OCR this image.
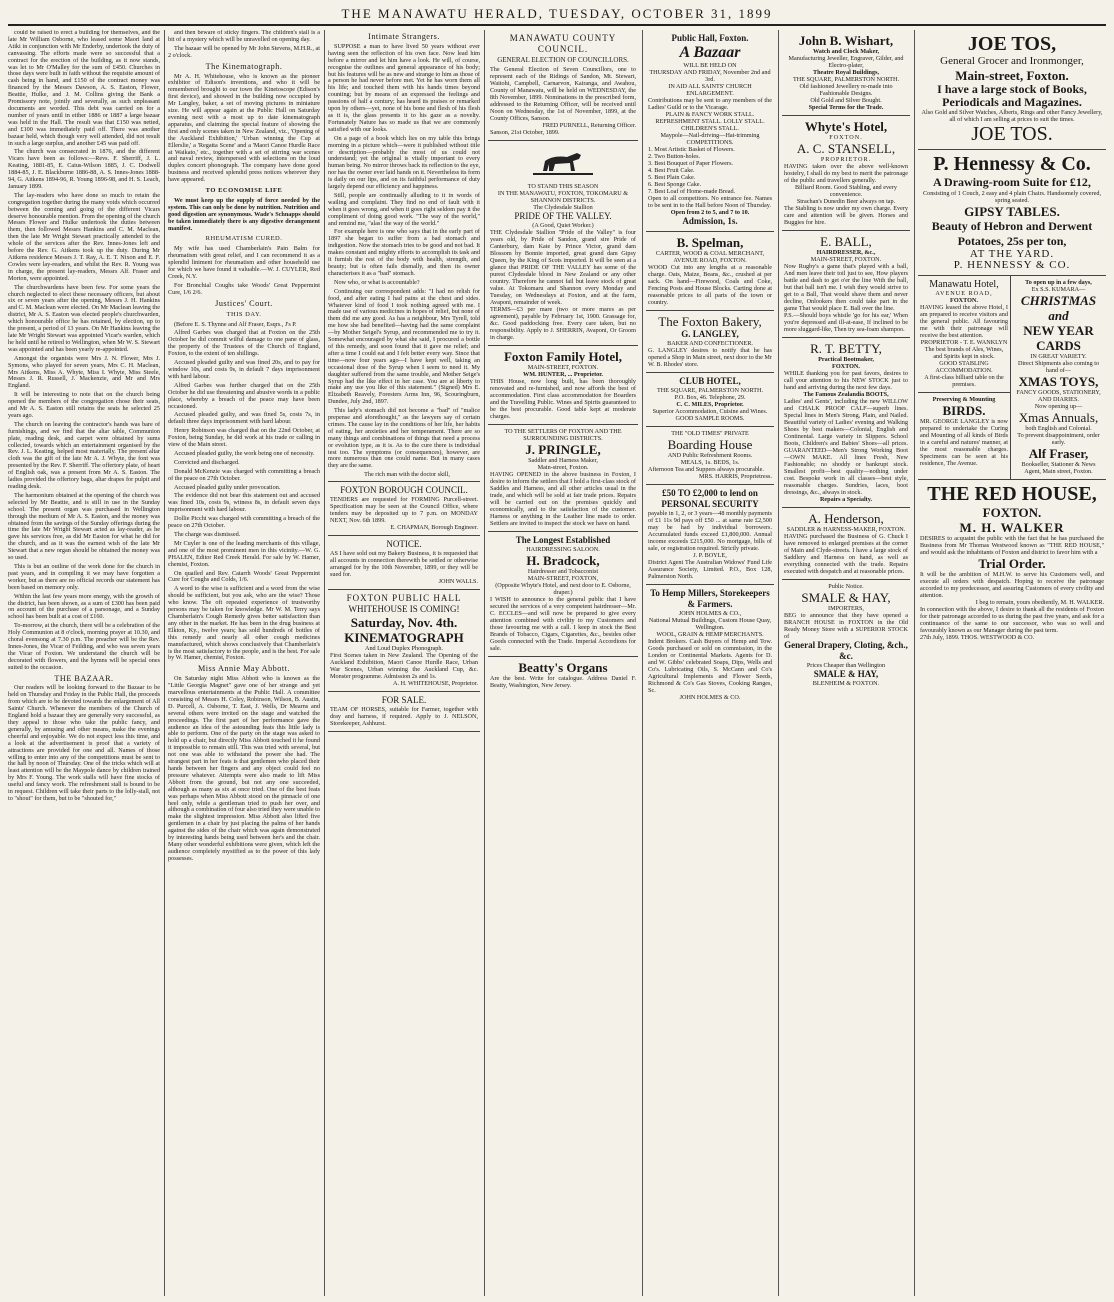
THE MANAWATU HERALD, TUESDAY, OCTOBER 31, 1899

could be raised to erect a building for themselves, and the late Mr William Osborne, who leased some Maori land at Atiki in conjunction with Mr Enderby, undertook the duty of canvassing. The efforts made were so successful that a contract for the erection of the building, as it now stands, was let to Mr O'Malley for the sum of £450. Churches in those days were built in faith without the requisite amount of cash being in hand, and £150 of the contract money was financed by the Messrs Dawson, A. S. Easton, Flower, Beattie, Hulke, and J. M. Collins giving the Bank a Promissory note, jointly and severally, as such unpleasant documents are worded. This debt was carried on for a number of years until in either 1886 or 1887 a large bazaar was held in the Hall. The result was that £150 was netted, and £100 was immediately paid off. There was another bazaar held, which though very well attended, did not result in such a large surplus, and another £45 was paid off.

The church was consecrated in 1876, and the different Vicars have been as follows:—Revs. F. Sherriff, J. L. Keating, 1881-85, E. Caius-Wilson 1885, J. C. Dodwell 1884-85, J. E. Blackburne 1886-88, A. S. Innes-Jones 1888-94, G. Aitkens 1894-96, R. Young 1896-98, and H. S. Leach, January 1899.

The lay-readers who have done so much to retain the congregation together during the many voids which occurred between the coming and going of the different Vicars deserve honourable mention. From the opening of the church Messrs Flower and Hulke undertook the duties between them, then followed Messrs Hankins and C. M. Maclean, then the late Mr Wright Stewart practically attended to the whole of the services after the Rev. Innes-Jones left and before the Rev. G. Aitkens took up the duty. During Mr Aitkens residence Messrs J. T. Ray, A. E. T. Nixon and E. F. Cowles were lay-readers, and whilst the Rev. R. Young was in charge, the present lay-readers, Messrs Alf. Fraser and Morton, were appointed.

The churchwardens have been few. For some years the church neglected to elect these necessary officers, but about six or seven years after the opening, Messrs J. H. Hankins and C. M. Maclean were elected. On Mr Maclean leaving the district, Mr A. S. Easton was elected people's churchwarden, which honourable office he has retained, by election, up to the present, a period of 13 years. On Mr Hankins leaving the late Mr Wright Stewart was appointed Vicar's warden, which he held until he retired to Wellington, when Mr W. S. Stewart was appointed and has been yearly re-appointed.

Amongst the organists were Mrs J. N. Flower, Mrs J. Symons, who played for seven years, Mrs C. H. Maclean, Mrs Aitkens, Miss A. Whyte, Miss I. Whyte, Miss Steele, Messrs J. R. Russell, J. Mackenzie, and Mr and Mrs England.

It will be interesting to note that on the church being opened the members of the congregation chose their seats, and Mr A. S. Easton still retains the seats he selected 25 years ago.

The church on leaving the contractor's hands was bare of furnishings, and we find that the altar table, Communion plate, reading desk, and carpet were obtained by sums collected, towards which an entertainment organised by the Rev. J. L. Keating, helped most materially. The present altar cloth was the gift of the late Mr A. J. Whyte, the font was presented by the Rev. F. Sherriff. The offertory plate, of heart of English oak, was a present from Mr A. S. Easton. The ladies provided the offertory bags, altar drapes for pulpit and reading desk.

The harmonium obtained at the opening of the church was selected by Mr Beattie, and is still in use in the Sunday school. The present organ was purchased in Wellington through the medium of Mr A. S. Easton, and the money was obtained from the savings of the Sunday offerings during the time the late Mr Wright Stewart acted as lay-reader, as he gave his services free, as did Mr Easton for what he did for the church, and as it was the earnest wish of the late Mr Stewart that a new organ should be obtained the money was so used.

This is but an outline of the work done for the church in past years, and in compiling it we may have forgotten a worker, but as there are no official records our statement has been based on memory only.

Within the last few years more energy, with the growth of the district, has been shown, as a sum of £300 has been paid on account of the purchase of a parsonage, and a Sunday school has been built at a cost of £160.

To-morrow, at the church, there will be a celebration of the Holy Communion at 8 o'clock, morning prayer at 10.30, and choral evensong at 7.30 p.m. The preacher will be the Rev. Innes-Jones, the Vicar of Feilding, and who was seven years the Vicar of Foxton. We understand the church will be decorated with flowers, and the hymns will be special ones suited to the occasion.

THE BAZAAR.

Our readers will be looking forward to the Bazaar to be held on Thursday and Friday in the Public Hall, the proceeds from which are to be devoted towards the enlargement of All Saints' Church. Whenever the members of the Church of England hold a bazaar they are generally very successful, as they appeal to those who take the public fancy, and generally, by amusing and other means, make the evenings cheerful and enjoyable. We do not expect less this time, and a look at the advertisement is proof that a variety of attractions are provided for one and all. Names of those willing to enter into any of the competitions must be sent to the hall by noon of Thursday. One of the tricks which will at least attention will be the Maypole dance by children trained by Mrs F. Young. The work stalls will have fine stocks of useful and fancy work. The refreshment stall is bound to be in request. Children will take their parts to the lolly-stall, not to "shout" for them, but to be "shouted for,"

and then beware of sticky fingers. The children's stall is a bit of a mystery which will be unravelled on opening day.

The bazaar will be opened by Mr John Stevens, M.H.R., at 2 o'clock.

The Kinematograph.

Mr A. H. Whitehouse, who is known as the pioneer exhibitor of Edison's inventions, and who it will be remembered brought to our town the Kinetoscope (Edison's first device), and showed in the building now occupied by Mr Langley, baker, a set of moving pictures in miniature size. He will appear again at the Public Hall on Saturday evening next with a most up to date kinematograph apparatus, and claiming the special feature of showing the first and only scenes taken in New Zealand, viz., 'Opening of the Auckland Exhibition,' 'Urban winning the Cup at Ellerslie,' a 'Regatta Scene' and a 'Maori Canoe Hurdle Race at Waikato,' etc., together with a set of stirring war scenes and naval review, interspersed with selections on the loud duplex concert phonograph. The company have done good business and received splendid press notices wherever they have appeared.

TO ECONOMISE LIFE

We must keep up the supply of force needed by the system. This can only be done by nutrition. Nutrition and good digestion are synonymous. Wade's Schnapps should be taken immediately there is any digestive derangement manifest.

RHEUMATISM CURED.

My wife has used Chamberlain's Pain Balm for rheumatism with great relief, and I can recommend it as a splendid liniment for rheumatism and other household use for which we have found it valuable.—W. J. CUYLER, Red Creek, N.Y.

For Bronchial Coughs take Woods' Great Peppermint Cure, 1/6 2/6.

Justices' Court.
THIS DAY.

(Before E. S. Thynne and Alf Fraser, Esqrs., J's P.

Alfred Garbes was charged that at Foxton on the 25th October he did commit wilful damage to one pane of glass, the property of the Trustees of the Church of England, Foxton, to the extent of ten shillings.

Accused pleaded guilty and was fined 20s, and to pay for window 10s, and costs 9s, in default 7 days imprisonment with hard labour.

Alfred Garbes was further charged that on the 25th October he did use threatening and abusive words in a public place, whereby a breach of the peace may have been occasioned.

Accused pleaded guilty, and was fined 5s, costs 7s, in default three days imprisonment with hard labour.

Henry Robinson was charged that on the 22nd October, at Foxton, being Sunday, he did work at his trade or calling in view of the Main street.

Accused pleaded guilty, the work being one of necessity.

Convicted and discharged.

Donald McKenzie was charged with committing a breach of the peace on 27th October.

Accused pleaded guilty under provocation.

The evidence did not bear this statement out and accused was fined 10s, costs 9s, witness 8s, in default seven days imprisonment with hard labour.

Dollie Picchi was charged with committing a breach of the peace on 27th October.

The charge was dismissed.

Mr Cuyler is one of the leading merchants of this village, and one of the most prominent men in this vicinity.—W. G. PHALEN, Editor Red Creek Herald. For sale by W. Hamer, chemist, Foxton.

On quailed and Rev. Catarrh Woods' Great Peppermint Cure for Coughs and Colds, 1/6.

A word to the wise is sufficient and a word from the wise should be sufficient, but you ask, who are the wise? Those who know. The oft repeated experience of trustworthy persons may be taken for knowledge. Mr W. M. Terry says Chamberlain's Cough Remedy gives better satisfaction than any other in the market. He has been in the drug business at Elkton, Ky., twelve years; has sold hundreds of bottles of this remedy and nearly all other cough medicines manufactured, which shows conclusively that Chamberlain's is the most satisfactory to the people, and is the best. For sale by W. Hamer, chemist, Foxton.

Miss Annie May Abbott.

On Saturday night Miss Abbott who is known as the "Little Georgia Magnet" gave one of her strange and yet marvellous entertainments at the Public Hall. A committee consisting of Messrs H. Coley, Robinson, Wilson, B. Austin, D. Purcell, A. Osborne, T. East, J. Wells, Dr Mearns and several others were invited on the stage and watched the proceedings. The first part of her performance gave the audience an idea of the astounding feats this little lady is able to perform. One of the party on the stage was asked to hold up a chair, but directly Miss Abbott touched it he found it impossible to remain still. This was tried with several, but not one was able to withstand the power she had. The strangest part in her feats is that gentlemen who placed their hands between her fingers and any object could feel no pressure whatever. Attempts were also made to lift Miss Abbott from the ground, but not any one succeeded, although as many as six at once tried. One of the best feats was perhaps when Miss Abbott stood on the pinnacle of one heel only, while a gentleman tried to push her over, and although a combination of four also tried they were unable to make the slightest impression. Miss Abbott also lifted five gentlemen in a chair by just placing the palms of her hands against the sides of the chair which was again demonstrated by interesting hands being used between her's and the chair. Many other wonderful exhibitions were given, which left the audience completely mystified as to the power of this lady possesses.

Intimate Strangers.

SUPPOSE a man to have lived 50 years without ever having seen the reflection of his own face. Now lead him before a mirror and let him have a look. He will, of course, recognise the outlines and general appearance of his body; but his features will be as new and strange to him as those of a person he had never before met. Yet he has worn them all his life; and touched them with his hands times beyond counting; but by means of an expressed the feelings and passions of half a century; has heard its praises or remarked upon by others—yet, none of his bone and flesh of his flesh as it is, the glass presents it to his gaze as a novelty. Fortunately Nature has so made us that we are commonly satisfied with our looks.

On a page of a book which lies on my table this brings morning in a picture which—were it published without title or description—probably the most of us could not understand; yet the original is vitally important to every human being. No mirror throws back its reflection to the eye, nor has the owner ever laid hands on it. Nevertheless its form is daily on our lips, and on its faithful performance of duty largely depend our efficiency and happiness.

Still, people are continually alluding to it in words of wailing and complaint. They find no end of fault with it when it goes wrong, and when it goes right seldom pay it the compliment of doing good work. "The way of the world," and remind me, "alas! the way of the world."

For example here is one who says that in the early part of 1897 she began to suffer from a bad stomach and indigestion. Now the stomach tries to be good and not bad. It makes constant and mighty efforts to accomplish its task and it furnish the rest of the body with health, strength, and beauty; but is often fails dismally, and then its owner characterises it as a "bad" stomach.

Now who, or what is accountable?

Continuing our correspondent adds: "I had no relish for food, and after eating I had pains at the chest and sides. Whatever kind of food I took nothing agreed with me. I made use of various medicines in hopes of relief, but none of them did me any good. As has a neighbour, Mrs Tyrell, told me how she had benefited—having had the same complaint—by Mother Seigel's Syrup, and recommended me to try it. Somewhat encouraged by what she said, I procured a bottle of this remedy, and soon found that it gave me relief; and after a time I could eat and I felt better every way. Since that time—now four years ago—I have kept well, taking an occasional dose of the Syrup when I seem to need it. My daughter suffered from the same trouble, and Mother Seige's Syrup had the like effect in her case. You are at liberty to make any use you like of this statement." (Signed) Mrs E. Elizabeth Reavely, Foresters Arms Inn, 96, Scouringburn, Dundee, July 2nd, 1897.

This lady's stomach did not become a "bad" of "malice prepense and aforethought," as the lawyers say of certain crimes. The cause lay in the conditions of her life, her habits of eating, her anxieties and her temperament. There are so many things and combinations of things that need a process or evolution type, as it is. As to the cure there is individual test too. The symptoms (or consequences), however, are more numerous than one could name. But in many cases they are the same.

The rich man with the doctor skill,

FOXTON BOROUGH COUNCIL.
TENDERS are requested for FORMING Purcell-street. Specification may be seen at the Council Office, where tenders may be deposited up to 7 p.m. on MONDAY NEXT, Nov. 6th 1899.
E. CHAPMAN, Borough Engineer.
NOTICE.
AS I have sold out my Bakery Business, it is requested that all accounts in connection therewith be settled or otherwise arranged for by the 10th November, 1899, or they will be sued for.
JOHN WALLS.
FOXTON PUBLIC HALL
WHITEHOUSE IS COMING!
Saturday, Nov. 4th.
KINEMATOGRAPH
And Loud Duplex Phonograph.
First Scenes taken in New Zealand. The Opening of the Auckland Exhibition, Maori Canoe Hurdle Race, Urban War Scenes, Urban winning the Auckland Cup, &c. Monster programme. Admission 2s and 1s.
A. H. WHITEHOUSE, Proprietor.
FOR SALE.
TEAM OF HORSES, suitable for Farmer, together with dray and harness, if required. Apply to J. NELSON, Storekeeper, Ashhurst.
MANAWATU COUNTY COUNCIL.
GENERAL ELECTION OF COUNCILLORS.
The General Election of Seven Councillors, one to represent each of the Ridings of Sandon, Mt. Stewart, Waitohi, Campbell, Carnarvon, Kairanga, and Awahou, County of Manawatu, will be held on WEDNESDAY, the 8th November, 1899. Nominations in the prescribed form, addressed to the Returning Officer, will be received until Noon on Wednesday, the 1st of November, 1899, at the County Offices, Sanson.
FRED PURNELL, Returning Officer.
Sanson, 21st October, 1899.
TO STAND THIS SEASON
IN THE MANAWATU, FOXTON, TOKOMARU & SHANNON DISTRICTS.
The Clydesdale Stallion
PRIDE OF THE VALLEY.
(A Good, Quiet Worker.)
THE Clydesdale Stallion "Pride of the Valley" is four years old, by Pride of Sandon, grand sire Pride of Canterbury, dam Kate by Prince Victor, grand dam Blossom by Bonnie imported, great grand dam Gipsy Queen, by the King of Scots imported. It will be seen at a glance that PRIDE OF THE VALLEY has some of the purest Clydesdale blood in New Zealand or any other country. Therefore he cannot fail but leave stock of great value. At Tokomaru and Shannon every Monday and Tuesday, on Wednesdays at Foxton, and at the farm, Avaponi, remainder of week.
TERMS—£3 per mare (two or more mares as per agreement), payable by February 1st, 1900. Grassage for, &c. Good paddocking free. Every care taken, but no responsibility. Apply to J. SHERRIN, Avaponi, Or Groom in charge.
Foxton Family Hotel,
MAIN-STREET, FOXTON.
WM. HUNTER, ... Proprietor.
THIS House, now long built, has been thoroughly renovated and re-furnished, and now affords the best of accommodation. First class accommodation for Boarders and the Travelling Public. Wines and Spirits guaranteed to be the best procurable. Good table kept at moderate charges.
TO THE SETTLERS OF FOXTON AND THE SURROUNDING DISTRICTS.
J. PRINGLE,
Saddler and Harness Maker,
Main-street, Foxton.
HAVING OPENED in the above business in Foxton, I desire to inform the settlers that I hold a first-class stock of Saddles and Harness, and all other articles usual in the trade, and which will be sold at fair trade prices. Repairs will be carried out on the premises quickly and economically, and to the satisfaction of the customer. Harness or anything in the Leather line made to order. Settlers are invited to inspect the stock we have on hand.
The Longest Established
HAIRDRESSING SALOON.
H. Bradcock,
Hairdresser and Tobacconist
MAIN-STREET, FOXTON,
(Opposite Whyte's Hotel, and next door to E. Osborne, draper.)
I WISH to announce to the general public that I have secured the services of a very competent hairdresser—Mr. C. ECCLES—and will now be prepared to give every attention combined with civility to my Customers and those favouring me with a call. I keep in stock the Best Brands of Tobacco, Cigars, Cigarettes, &c., besides other Goods connected with the Trade. Imperial Accordions for sale.
Beatty's Organs
Are the best. Write for catalogue. Address Daniel F. Beatty, Washington, New Jersey.
Public Hall, Foxton.
A Bazaar
WILL BE HELD ON
THURSDAY AND FRIDAY, November 2nd and 3rd.
IN AID ALL SAINTS' CHURCH ENLARGEMENT.
Contributions may be sent to any members of the Ladies' Guild or to the Vicarage.
PLAIN & FANCY WORK STALL. REFRESHMENT STALL. LOLLY STALL. CHILDREN'S STALL.
Maypole—Nail-driving—Hat-trimming
COMPETITIONS.
1. Most Artistic Basket of Flowers.
2. Two Button-holes.
3. Best Bouquet of Paper Flowers.
4. Best Fruit Cake.
5. Best Plain Cake.
6. Best Sponge Cake.
7. Best Loaf of Home-made Bread.
Open to all competitors. No entrance fee. Names to be sent in to the Hall before Noon of Thursday.
Open from 2 to 5, and 7 to 10.
Admission, 1s.
B. Spelman,
CARTER, WOOD & COAL MERCHANT,
AVENUE ROAD, FOXTON.
WOOD Cut into any lengths at a reasonable charge. Oats, Maize, Beans, &c., crushed at per sack. On hand—Firewood, Coals and Coke, Fencing Posts and House Blocks. Carting done at reasonable prices to all parts of the town or country.
The Foxton Bakery,
G. LANGLEY,
BAKER AND CONFECTIONER.
G. LANGLEY desires to notify that he has opened a Shop in Main street, next door to the Mr W. B. Rhodes' store.
CLUB HOTEL,
THE SQUARE, PALMERSTON NORTH.
P.O. Box, 46. Telephone, 29.
C. C. MILES, Proprietor.
Superior Accommodation, Cuisine and Wines.
GOOD SAMPLE ROOMS.
THE "OLD TIMES" PRIVATE
Boarding House
AND Public Refreshment Rooms.
MEALS, 1s. BEDS, 1s.
Afternoon Tea and Suppers always procurable.
MRS. HARRIS, Proprietress.
£50 TO £2,000 to lend on PERSONAL SECURITY
payable in 1, 2, or 3 years—48 monthly payments of £1 11s 9d pays off £50 ... at same rate £2,500 may be had by individual borrowers. Accumulated funds exceed £1,800,000. Annual income exceeds £215,000. No mortgage, bills of sale, or registration required. Strictly private.
J. P. BOYLE,
District Agent The Australian Widows' Fund Life Assurance Society, Limited. P.O., Box 128, Palmerston North.
To Hemp Millers, Storekeepers & Farmers.
JOHN HOLMES & CO.,
National Mutual Buildings, Custom House Quay, Wellington.
WOOL, GRAIN & HEMP MERCHANTS.
Indent Brokers. Cash Buyers of Hemp and Tow. Goods purchased or sold on commission, in the London or Continental Markets. Agents for D. and W. Gibbs' celebrated Soaps, Dips, Wells and Co's. Lubricating Oils, S. McCann and Co's Agricultural Implements and Flower Seeds, Richmond & Co's Gas Stoves, Cooking Ranges, Sc.
JOHN HOLMES & CO.
John B. Wishart,
Watch and Clock Maker,
Manufacturing Jeweller, Engraver, Gilder, and Electro-plater,
Theatre Royal Buildings,
THE SQUARE, PALMERSTON NORTH.
Old fashioned Jewellery re-made into Fashionable Designs.
Old Gold and Silver Bought.
Special Terms for the Trade.
Whyte's Hotel,
FOXTON.
A. C. STANSELL,
PROPRIETOR.
HAVING taken over the above well-known hostelry, I shall do my best to merit the patronage of the public and travellers generally.
Billiard Room. Good Stabling, and every convenience.
Strachan's Dunedin Beer always on tap.
The Stabling is now under my own charge. Every care and attention will be given. Horses and Buggies for hire.
E. BALL,
HAIRDRESSER, &c.,
MAIN-STREET, FOXTON.
Now Rugby's a game that's played with a ball, And men leave their toil just to see, How players battle and dash to get o'er the line With the ball, but that ball isn't me. I wish they would strive to get to a Ball, That would shave them and never decline, Onlookers then could take part in the game That would place E. Ball over the line.
P.S.—Should boys whistle 'go for his ear,' When you're depressed and ill-at-ease, If inclined to be more sluggard-like, Then try sea-foam shampoo.
R. T. BETTY,
Practical Bootmaker,
FOXTON.
WHILE thanking you for past favors, desires to call your attention to his NEW STOCK just to hand and arriving during the next few days.
The Famous Zealandia BOOTS,
Ladies' and Gents', including the new WILLOW and CHALK PROOF CALF—superb lines. Special lines in Men's Strong, Plain, and Nailed. Beautiful variety of Ladies' evening and Walking Shoes by best makers—Colonial, English and Continental. Large variety in Slippers. School Boots, Children's and Babies' Shoes—all prices. GUARANTEED—Men's Strong Working Boot—OWN MAKE. All lines Fresh, New Fashionable; no shoddy or bankrupt stock. Smallest profit—best quality—nothing under cost. Bespoke work in all classes—best style, reasonable charges. Sundries, laces, boot dressings, &c., always in stock.
Repairs a Specialty.
A. Henderson,
SADDLER & HARNESS-MAKER, FOXTON.
HAVING purchased the Business of G. Chuck I have removed to enlarged premises at the corner of Main and Clyde-streets. I have a large stock of Saddlery and Harness on hand, as well as everything connected with the trade. Repairs executed with despatch and at reasonable prices.
Public Notice.
SMALE & HAY,
IMPORTERS,
BEG to announce that they have opened a BRANCH HOUSE in FOXTON in the Old Ready Money Store with a SUPERIOR STOCK of
General Drapery, Cloting, &ch., &c.
Prices Cheaper than Wellington
SMALE & HAY,
BLENHEIM & FOXTON.
JOE TOS,
General Grocer and Ironmonger,
Main-street, Foxton.
I have a large stock of Books, Periodicals and Magazines.
Also Gold and Silver Watches, Alberts, Rings and other Fancy Jewellery, all of which I am selling at prices to suit the times.
JOE TOS.
P. Hennessy & Co.
A Drawing-room Suite for £12,
Consisting of 1 Couch, 2 easy and 4 plain Chairs. Handsomely covered, spring seated.
GIPSY TABLES.
Beauty of Hebron and Derwent Potatoes, 25s per ton,
AT THE YARD.
P. HENNESSY & CO.
Manawatu Hotel,
AVENUE ROAD,
FOXTON.
HAVING leased the above Hotel, I am prepared to receive visitors and the general public. All favouring me with their patronage will receive the best attention.
PROPRIETOR - T. E. WANKLYN
The best brands of Ales, Wines, and Spirits kept in stock.
GOOD STABLING ACCOMMODATION.
A first-class billiard table on the premises.
Preserving & Mounting
BIRDS.
MR. GEORGE LANGLEY is now prepared to undertake the Curing and Mounting of all kinds of Birds in a careful and natures' manner, at the most reasonable charges. Specimens can be seen at his residence, The Avenue.
To open up in a few days,
Ex S.S. KUMARA—
CHRISTMAS and
NEW YEAR CARDS
IN GREAT VARIETY.
Direct Shipments also coming to hand of—
XMAS TOYS,
FANCY GOODS, STATIONERY, AND DIARIES.
Now opening up—
Xmas Annuals,
both English and Colonial.
To prevent disappointment, order early.
Alf Fraser,
Bookseller, Stationer & News Agent, Main street, Foxton.
THE RED HOUSE,
FOXTON.
M. H. WALKER
DESIRES to acquaint the public with the fact that he has purchased the Business from Mr Thomas Westwood known as "THE RED HOUSE," and would ask the inhabitants of Foxton and district to favor him with a
Trial Order.
It will be the ambition of M.H.W. to serve his Customers well, and execute all orders with despatch. Hoping to receive the patronage accorded to my predecessor, and assuring Customers of every civility and attention.
I beg to remain, yours obediently, M. H. WALKER.
In connection with the above, I desire to thank all the residents of Foxton for their patronage accorded to us during the past five years, and ask for a continuance of the same to our successor, who was so well and favourably known as our Manager during the past term.
27th July, 1899. THOS. WESTWOOD & CO.
